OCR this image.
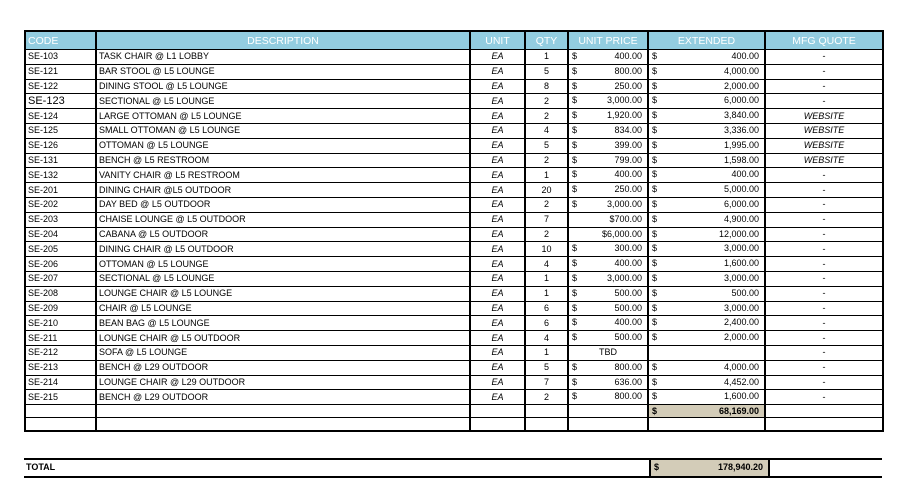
CODE	DESCRIPTION	UNIT	QTY	UNIT PRICE	EXTENDED	MFG QUOTE
SE-103	TASK CHAIR @ L1 LOBBY	EA	1	$ 400.00	$ 400.00	-
SE-121	BAR STOOL @ L5 LOUNGE	EA	5	$ 800.00	$ 4,000.00	-
SE-122	DINING STOOL @ L5 LOUNGE	EA	8	$ 250.00	$ 2,000.00	-
SE-123	SECTIONAL @ L5 LOUNGE	EA	2	$ 3,000.00	$ 6,000.00	-
SE-124	LARGE OTTOMAN @ L5 LOUNGE	EA	2	$ 1,920.00	$ 3,840.00	WEBSITE
SE-125	SMALL OTTOMAN @ L5 LOUNGE	EA	4	$ 834.00	$ 3,336.00	WEBSITE
SE-126	OTTOMAN @ L5 LOUNGE	EA	5	$ 399.00	$ 1,995.00	WEBSITE
SE-131	BENCH @ L5 RESTROOM	EA	2	$ 799.00	$ 1,598.00	WEBSITE
SE-132	VANITY CHAIR @ L5 RESTROOM	EA	1	$ 400.00	$ 400.00	-
SE-201	DINING CHAIR @L5 OUTDOOR	EA	20	$ 250.00	$ 5,000.00	-
SE-202	DAY BED @ L5 OUTDOOR	EA	2	$ 3,000.00	$ 6,000.00	-
SE-203	CHAISE LOUNGE @ L5 OUTDOOR	EA	7	$700.00	$ 4,900.00	-
SE-204	CABANA @ L5 OUTDOOR	EA	2	$6,000.00	$ 12,000.00	-
SE-205	DINING CHAIR @ L5 OUTDOOR	EA	10	$ 300.00	$ 3,000.00	-
SE-206	OTTOMAN @ L5 LOUNGE	EA	4	$ 400.00	$ 1,600.00	-
SE-207	SECTIONAL @ L5 LOUNGE	EA	1	$ 3,000.00	$ 3,000.00	-
SE-208	LOUNGE CHAIR @ L5 LOUNGE	EA	1	$ 500.00	$ 500.00	-
SE-209	CHAIR @ L5 LOUNGE	EA	6	$ 500.00	$ 3,000.00	-
SE-210	BEAN BAG @ L5 LOUNGE	EA	6	$ 400.00	$ 2,400.00	-
SE-211	LOUNGE CHAIR @ L5 OUTDOOR	EA	4	$ 500.00	$ 2,000.00	-
SE-212	SOFA @ L5 LOUNGE	EA	1	TBD		-
SE-213	BENCH @ L29 OUTDOOR	EA	5	$ 800.00	$ 4,000.00	-
SE-214	LOUNGE CHAIR @ L29 OUTDOOR	EA	7	$ 636.00	$ 4,452.00	-
SE-215	BENCH @ L29 OUTDOOR	EA	2	$ 800.00	$ 1,600.00	-

					$ 68,169.00	

TOTAL	$	178,940.20
